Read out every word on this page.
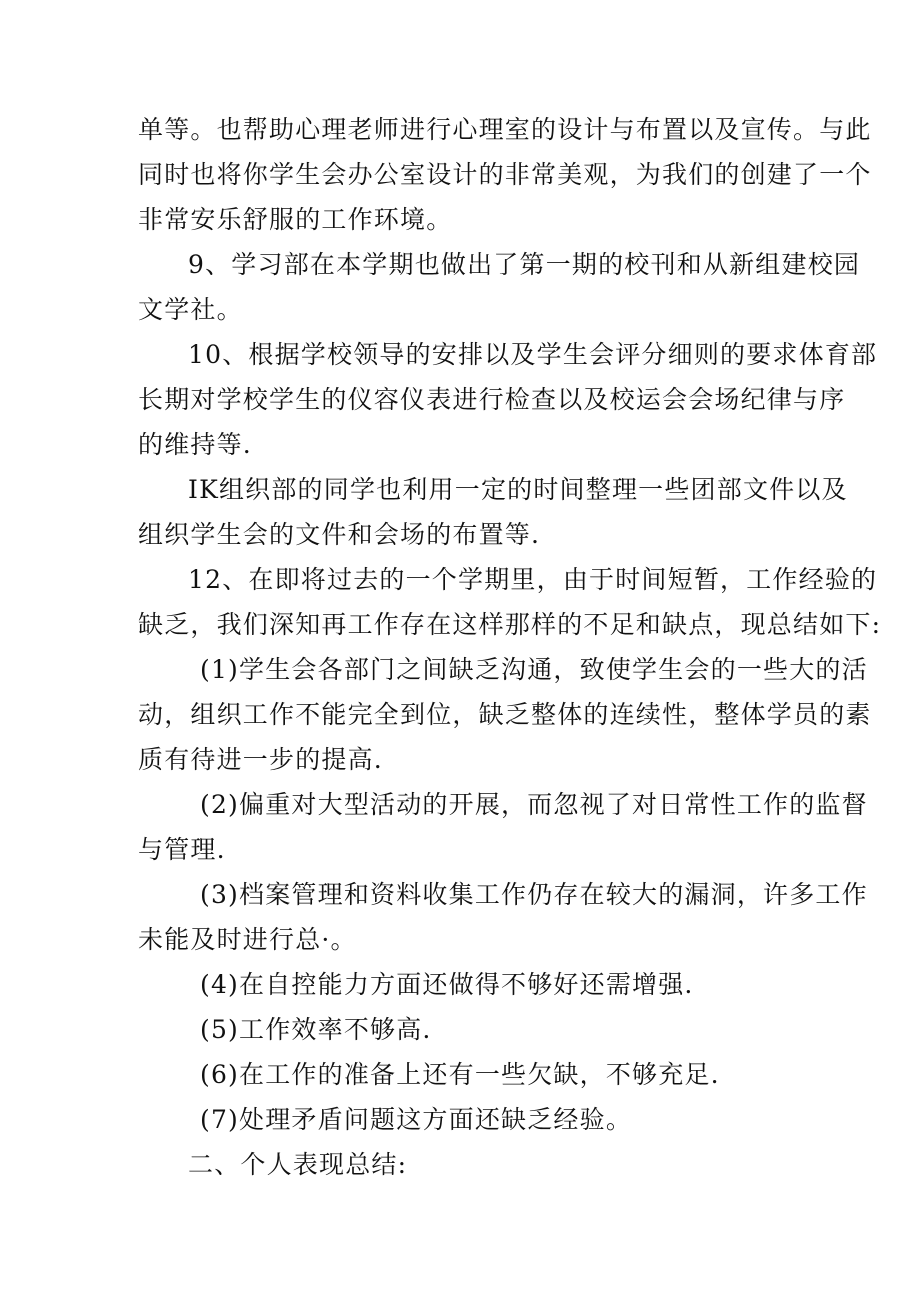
单等。也帮助心理老师进行心理室的设计与布置以及宣传。与此
同时也将你学生会办公室设计的非常美观，为我们的创建了一个
非常安乐舒服的工作环境。
9、学习部在本学期也做出了第一期的校刊和从新组建校园
文学社。
10、根据学校领导的安排以及学生会评分细则的要求体育部
长期对学校学生的仪容仪表进行检查以及校运会会场纪律与序
的维持等.
IK组织部的同学也利用一定的时间整理一些团部文件以及
组织学生会的文件和会场的布置等.
12、在即将过去的一个学期里，由于时间短暂，工作经验的
缺乏，我们深知再工作存在这样那样的不足和缺点，现总结如下:
(1)学生会各部门之间缺乏沟通，致使学生会的一些大的活
动，组织工作不能完全到位，缺乏整体的连续性，整体学员的素
质有待进一步的提高.
(2)偏重对大型活动的开展，而忽视了对日常性工作的监督
与管理.
(3)档案管理和资料收集工作仍存在较大的漏洞，许多工作
未能及时进行总·。
(4)在自控能力方面还做得不够好还需增强.
(5)工作效率不够高.
(6)在工作的准备上还有一些欠缺，不够充足.
(7)处理矛盾问题这方面还缺乏经验。
二、个人表现总结:
